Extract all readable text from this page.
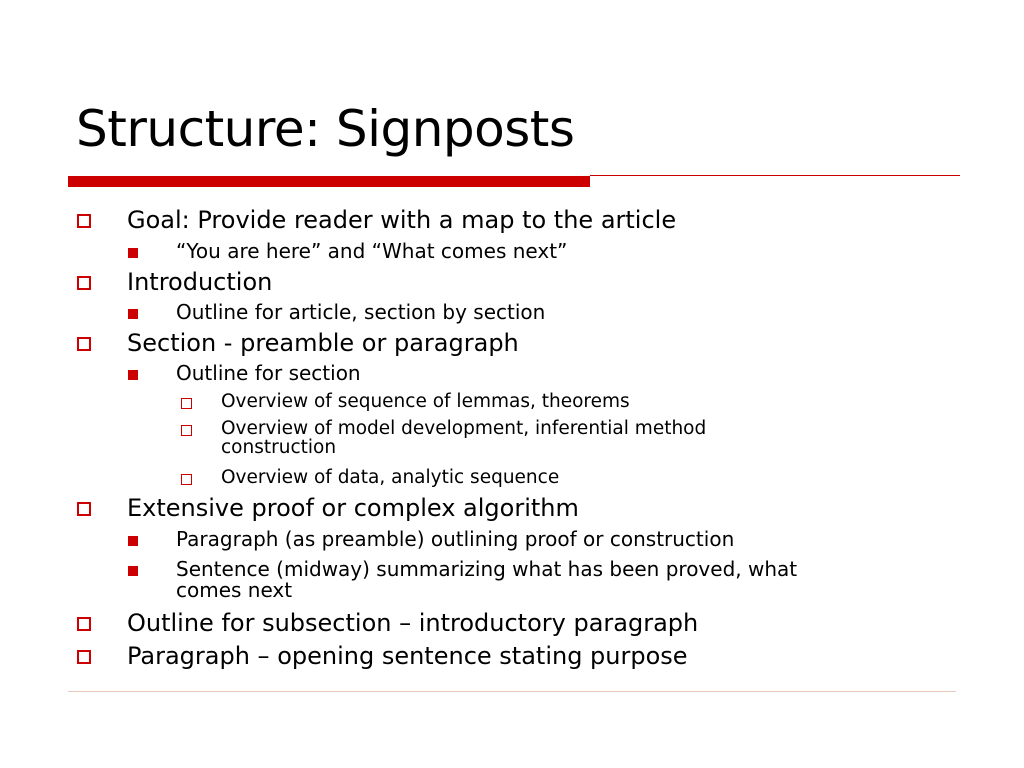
Structure: Signposts
Goal: Provide reader with a map to the article
“You are here” and “What comes next”
Introduction
Outline for article, section by section
Section - preamble or paragraph
Outline for section
Overview of sequence of lemmas, theorems
Overview of model development, inferential method
construction
Overview of data, analytic sequence
Extensive proof or complex algorithm
Paragraph (as preamble) outlining proof or construction
Sentence (midway) summarizing what has been proved, what
comes next
Outline for subsection – introductory paragraph
Paragraph – opening sentence stating purpose
